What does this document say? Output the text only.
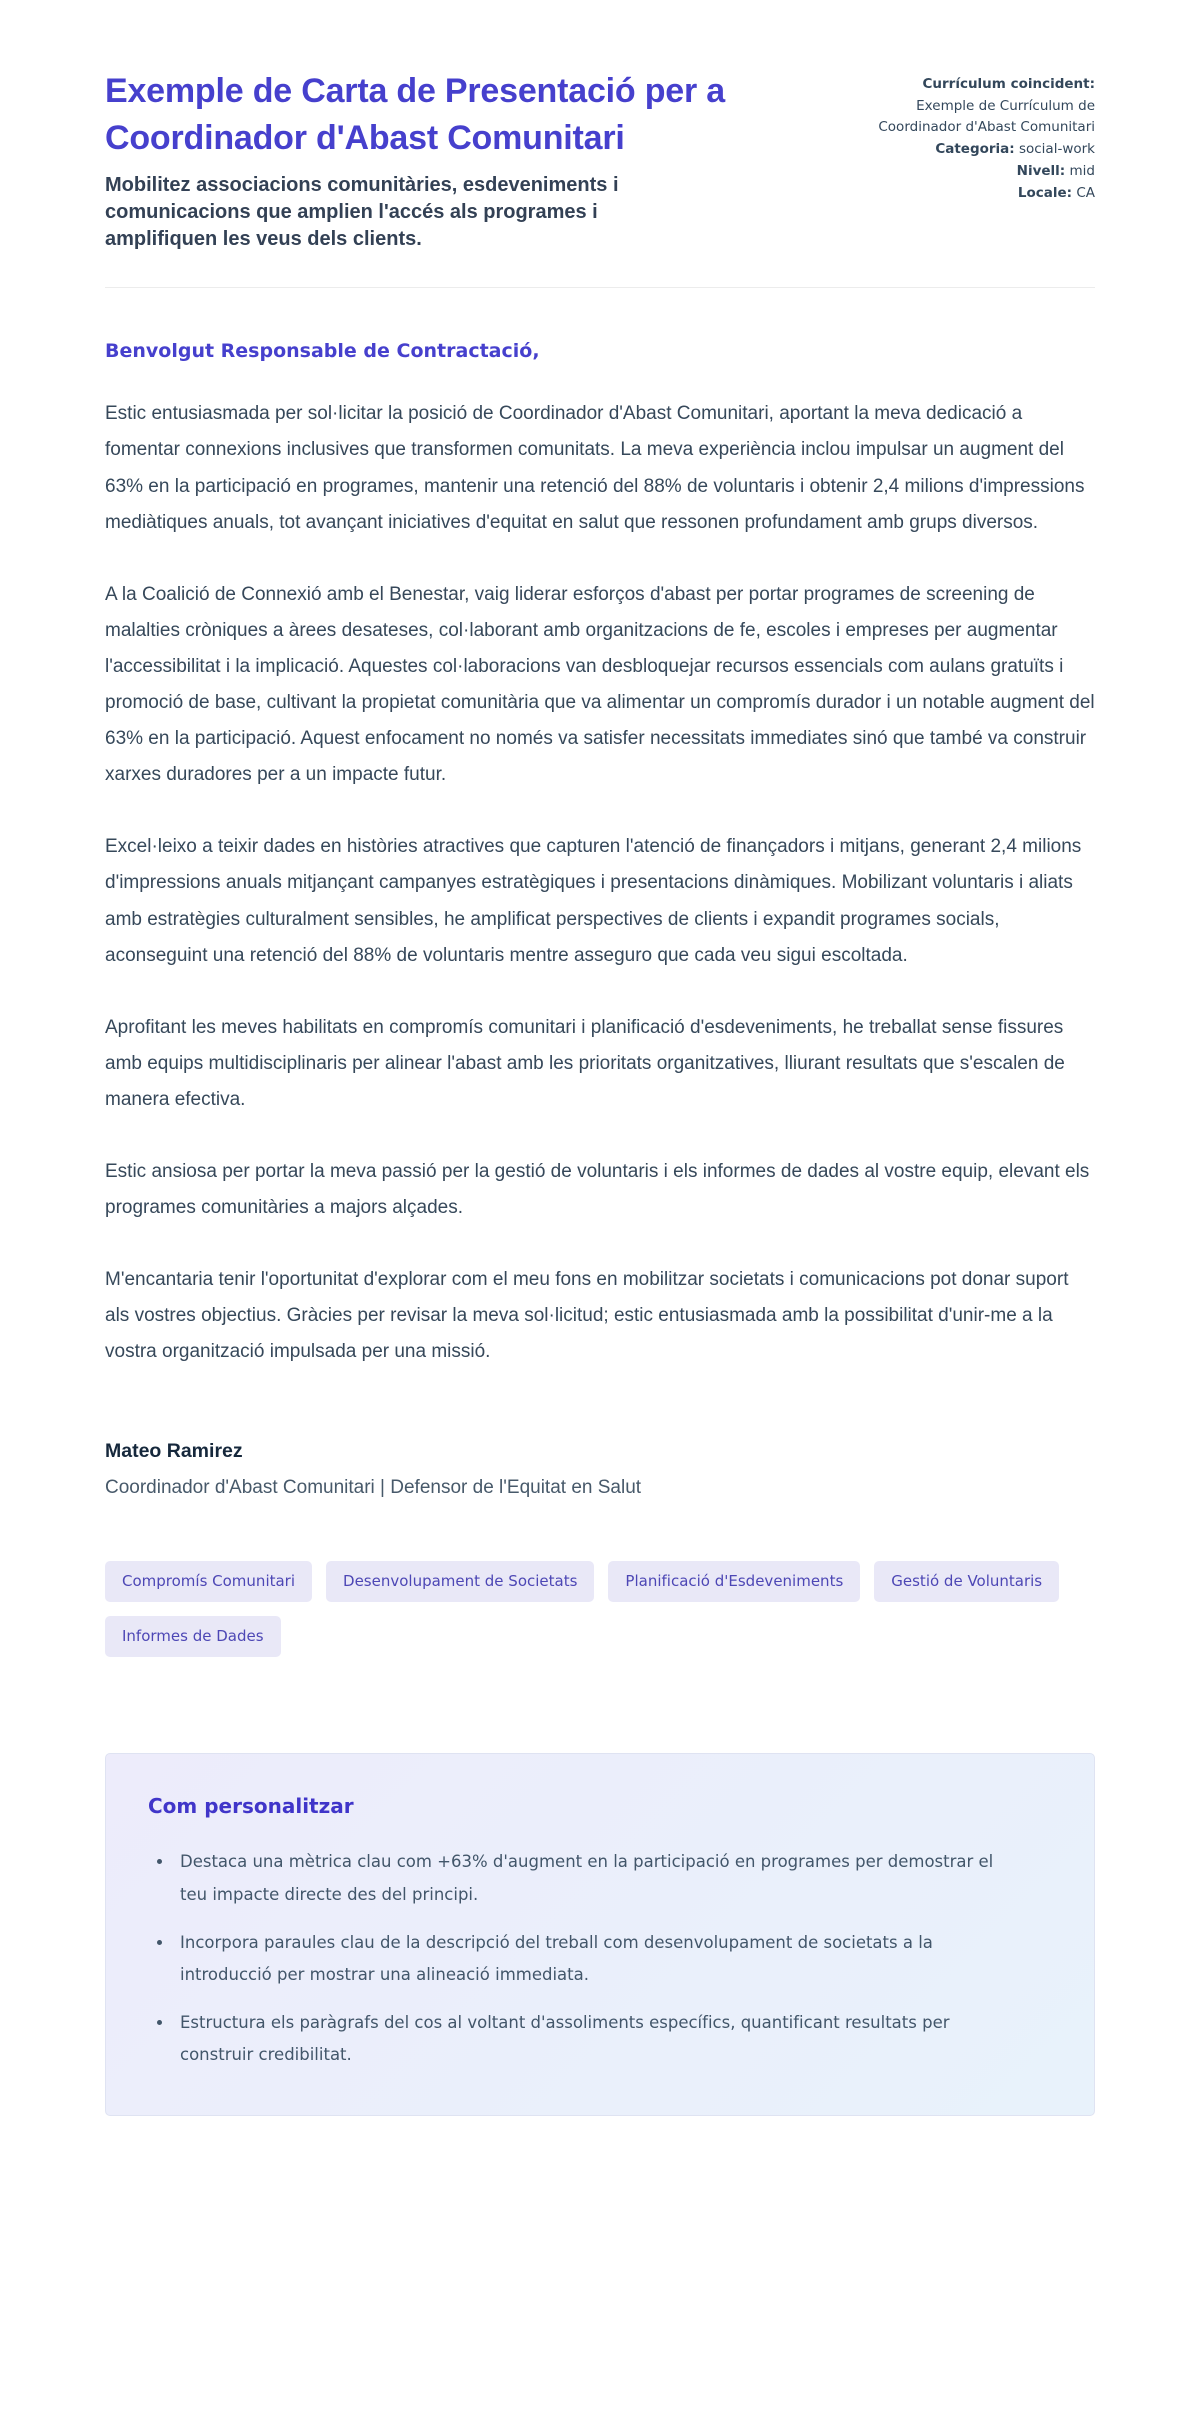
Exemple de Carta de Presentació per a Coordinador d'Abast Comunitari
Mobilitez associacions comunitàries, esdeveniments i comunicacions que amplien l'accés als programes i amplifiquen les veus dels clients.
Currículum coincident:
Exemple de Currículum de Coordinador d'Abast Comunitari
Categoria: social-work
Nivell: mid
Locale: CA
Benvolgut Responsable de Contractació,

Estic entusiasmada per sol·licitar la posició de Coordinador d'Abast Comunitari, aportant la meva dedicació a fomentar connexions inclusives que transformen comunitats. La meva experiència inclou impulsar un augment del 63% en la participació en programes, mantenir una retenció del 88% de voluntaris i obtenir 2,4 milions d'impressions mediàtiques anuals, tot avançant iniciatives d'equitat en salut que ressonen profundament amb grups diversos.

A la Coalició de Connexió amb el Benestar, vaig liderar esforços d'abast per portar programes de screening de malalties cròniques a àrees desateses, col·laborant amb organitzacions de fe, escoles i empreses per augmentar l'accessibilitat i la implicació. Aquestes col·laboracions van desbloquejar recursos essencials com aulans gratuïts i promoció de base, cultivant la propietat comunitària que va alimentar un compromís durador i un notable augment del 63% en la participació. Aquest enfocament no només va satisfer necessitats immediates sinó que també va construir xarxes duradores per a un impacte futur.

Excel·leixo a teixir dades en històries atractives que capturen l'atenció de finançadors i mitjans, generant 2,4 milions d'impressions anuals mitjançant campanyes estratègiques i presentacions dinàmiques. Mobilizant voluntaris i aliats amb estratègies culturalment sensibles, he amplificat perspectives de clients i expandit programes socials, aconseguint una retenció del 88% de voluntaris mentre asseguro que cada veu sigui escoltada.

Aprofitant les meves habilitats en compromís comunitari i planificació d'esdeveniments, he treballat sense fissures amb equips multidisciplinaris per alinear l'abast amb les prioritats organitzatives, lliurant resultats que s'escalen de manera efectiva.

Estic ansiosa per portar la meva passió per la gestió de voluntaris i els informes de dades al vostre equip, elevant els programes comunitàries a majors alçades.

M'encantaria tenir l'oportunitat d'explorar com el meu fons en mobilitzar societats i comunicacions pot donar suport als vostres objectius. Gràcies per revisar la meva sol·licitud; estic entusiasmada amb la possibilitat d'unir-me a la vostra organització impulsada per una missió.

Mateo Ramirez
Coordinador d'Abast Comunitari | Defensor de l'Equitat en Salut
Compromís Comunitari	Desenvolupament de Societats	Planificació d'Esdeveniments	Gestió de Voluntaris
Informes de Dades
Com personalitzar
• Destaca una mètrica clau com +63% d'augment en la participació en programes per demostrar el teu impacte directe des del principi.
• Incorpora paraules clau de la descripció del treball com desenvolupament de societats a la introducció per mostrar una alineació immediata.
• Estructura els paràgrafs del cos al voltant d'assoliments específics, quantificant resultats per construir credibilitat.
